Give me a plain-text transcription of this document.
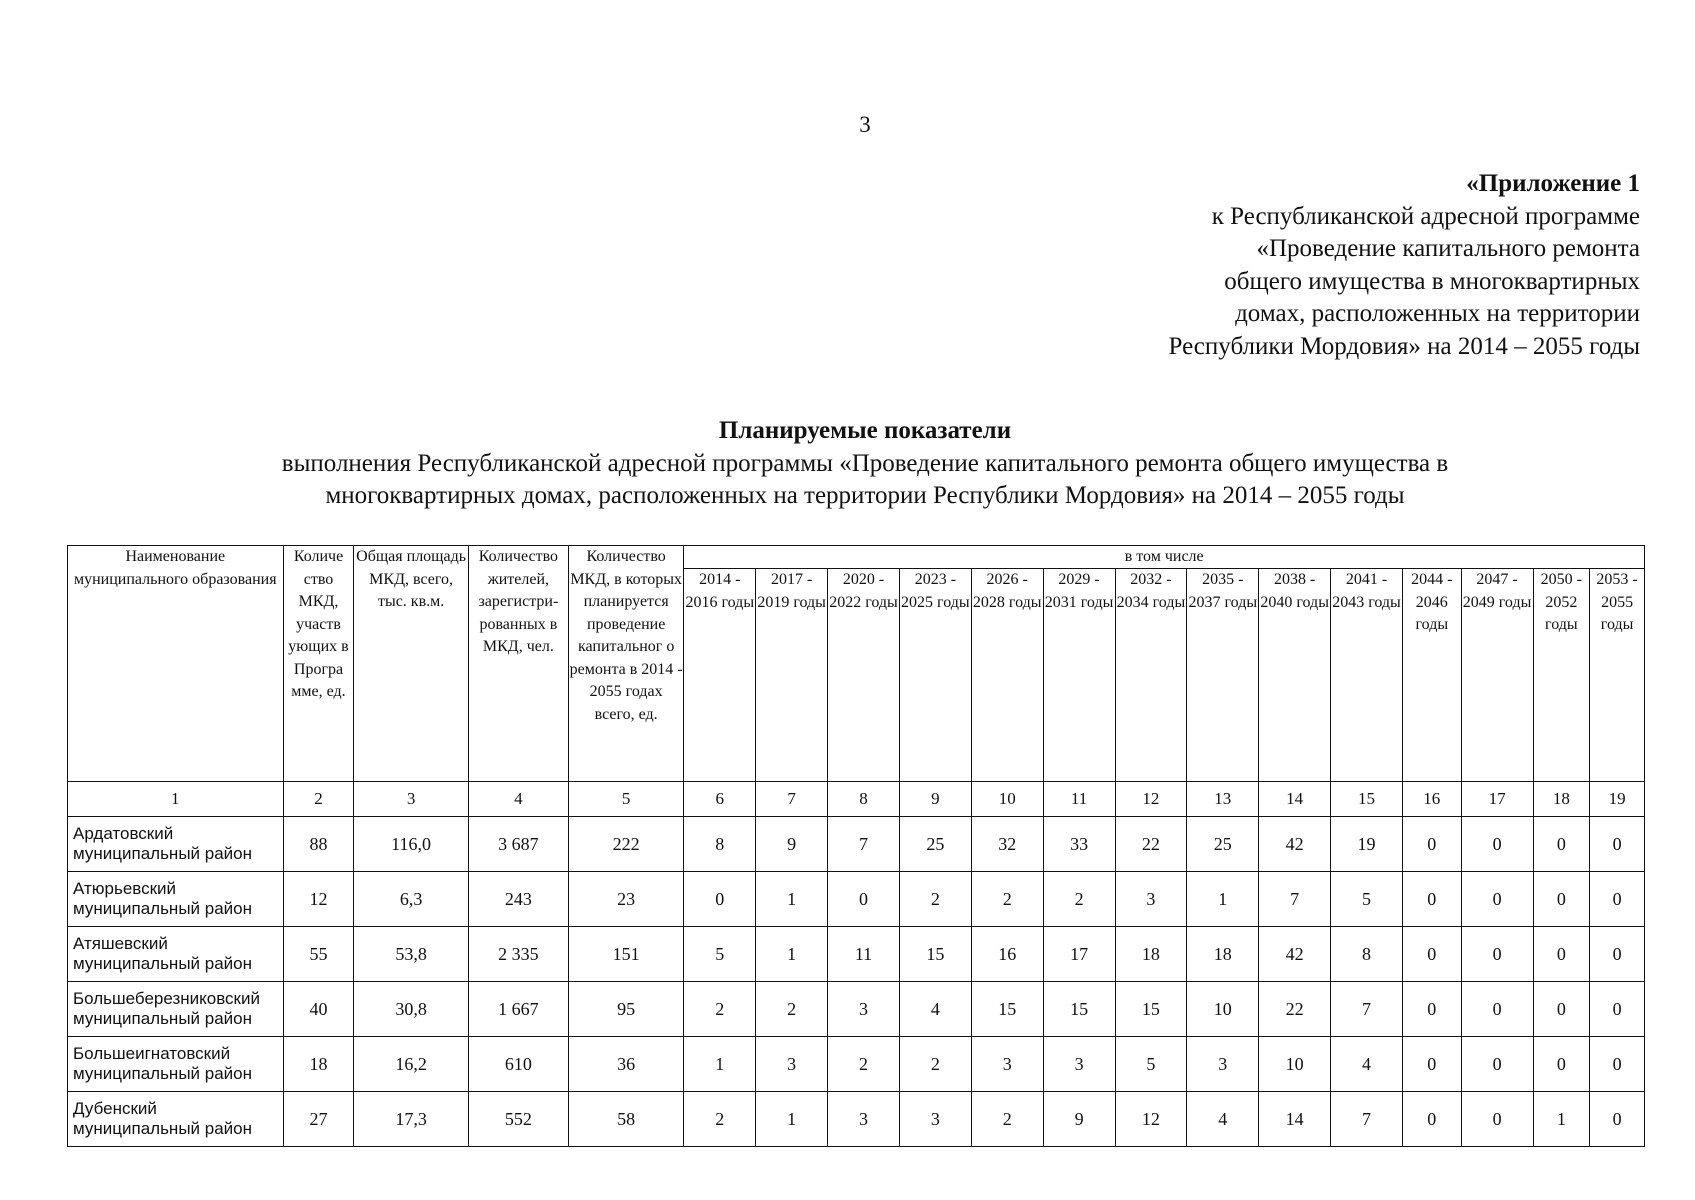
3
«Приложение 1
к Республиканской адресной программе
«Проведение капитального ремонта
общего имущества в многоквартирных
домах, расположенных на территории
Республики Мордовия» на 2014 – 2055 годы
Планируемые показатели
выполнения Республиканской адресной программы «Проведение капитального ремонта общего имущества в
многоквартирных домах, расположенных на территории Республики Мордовия» на 2014 – 2055 годы
Наименование муниципального образования	Количе ство МКД, участв ующих в Програ мме, ед.	Общая площадь МКД, всего, тыс. кв.м.	Количество жителей, зарегистри-рованных в МКД, чел.	Количество МКД, в которых планируется проведение капитальног о ремонта в 2014 - 2055 годах всего, ед.	в том числе													
					2014 - 2016 годы	2017 - 2019 годы	2020 - 2022 годы	2023 - 2025 годы	2026 - 2028 годы	2029 - 2031 годы	2032 - 2034 годы	2035 - 2037 годы	2038 - 2040 годы	2041 - 2043 годы	2044 - 2046 годы	2047 - 2049 годы	2050 - 2052 годы	2053 - 2055 годы
1	2	3	4	5	6	7	8	9	10	11	12	13	14	15	16	17	18	19
Ардатовский муниципальный район	88	116,0	3 687	222	8	9	7	25	32	33	22	25	42	19	0	0	0	0
Атюрьевский муниципальный район	12	6,3	243	23	0	1	0	2	2	2	3	1	7	5	0	0	0	0
Атяшевский муниципальный район	55	53,8	2 335	151	5	1	11	15	16	17	18	18	42	8	0	0	0	0
Большеберезниковский муниципальный район	40	30,8	1 667	95	2	2	3	4	15	15	15	10	22	7	0	0	0	0
Большеигнатовский муниципальный район	18	16,2	610	36	1	3	2	2	3	3	5	3	10	4	0	0	0	0
Дубенский муниципальный район	27	17,3	552	58	2	1	3	3	2	9	12	4	14	7	0	0	1	0
